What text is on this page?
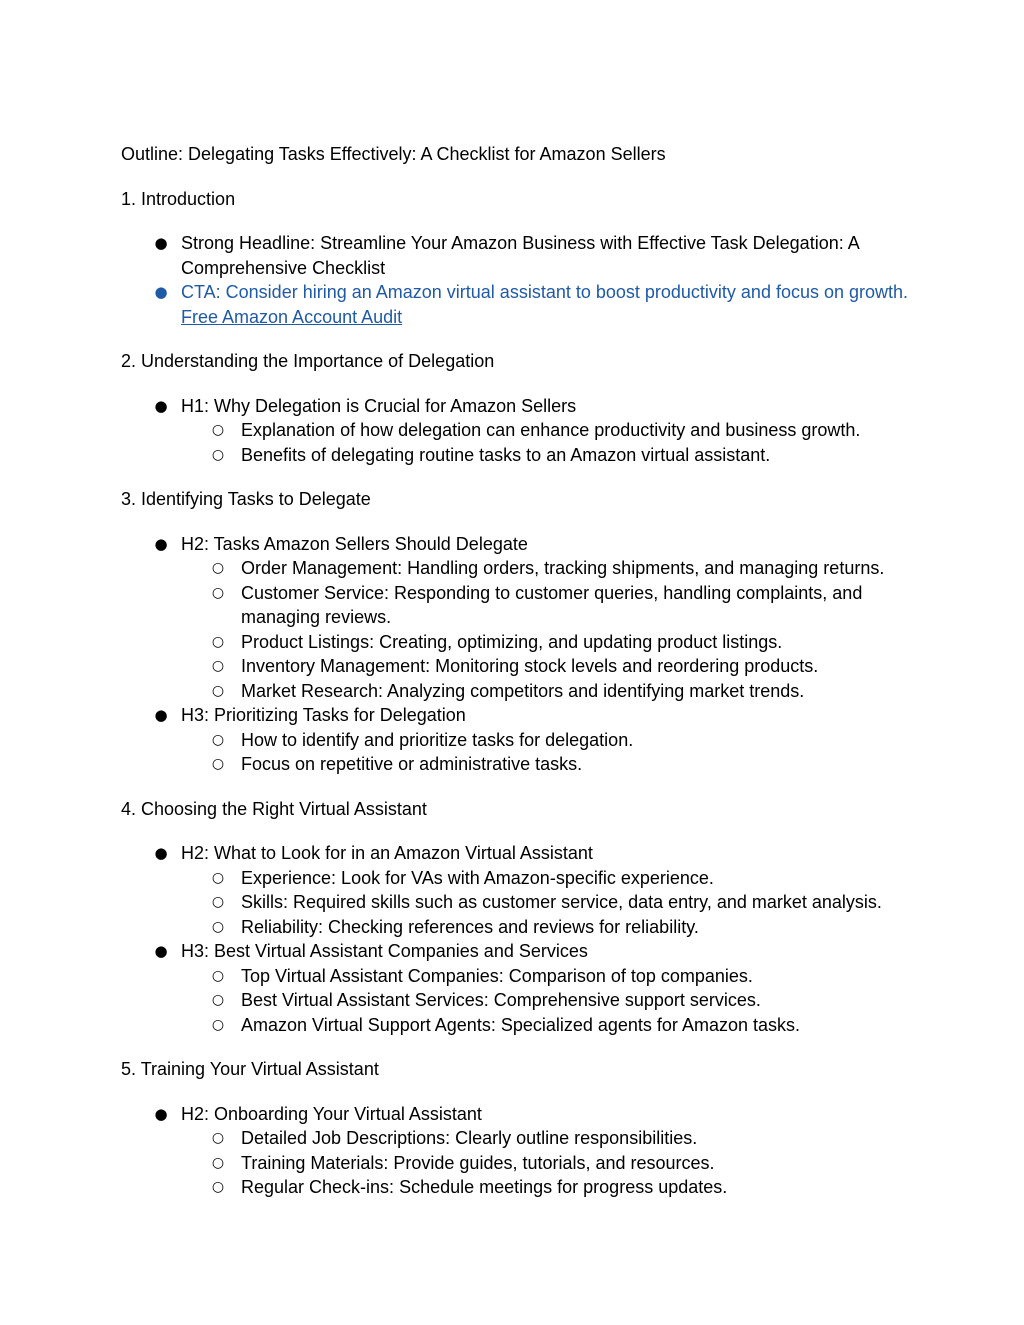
Outline: Delegating Tasks Effectively: A Checklist for Amazon Sellers

1. Introduction

● Strong Headline: Streamline Your Amazon Business with Effective Task Delegation: A Comprehensive Checklist
● CTA: Consider hiring an Amazon virtual assistant to boost productivity and focus on growth. Free Amazon Account Audit

2. Understanding the Importance of Delegation

● H1: Why Delegation is Crucial for Amazon Sellers
○ Explanation of how delegation can enhance productivity and business growth.
○ Benefits of delegating routine tasks to an Amazon virtual assistant.

3. Identifying Tasks to Delegate

● H2: Tasks Amazon Sellers Should Delegate
○ Order Management: Handling orders, tracking shipments, and managing returns.
○ Customer Service: Responding to customer queries, handling complaints, and managing reviews.
○ Product Listings: Creating, optimizing, and updating product listings.
○ Inventory Management: Monitoring stock levels and reordering products.
○ Market Research: Analyzing competitors and identifying market trends.
● H3: Prioritizing Tasks for Delegation
○ How to identify and prioritize tasks for delegation.
○ Focus on repetitive or administrative tasks.

4. Choosing the Right Virtual Assistant

● H2: What to Look for in an Amazon Virtual Assistant
○ Experience: Look for VAs with Amazon-specific experience.
○ Skills: Required skills such as customer service, data entry, and market analysis.
○ Reliability: Checking references and reviews for reliability.
● H3: Best Virtual Assistant Companies and Services
○ Top Virtual Assistant Companies: Comparison of top companies.
○ Best Virtual Assistant Services: Comprehensive support services.
○ Amazon Virtual Support Agents: Specialized agents for Amazon tasks.

5. Training Your Virtual Assistant

● H2: Onboarding Your Virtual Assistant
○ Detailed Job Descriptions: Clearly outline responsibilities.
○ Training Materials: Provide guides, tutorials, and resources.
○ Regular Check-ins: Schedule meetings for progress updates.
